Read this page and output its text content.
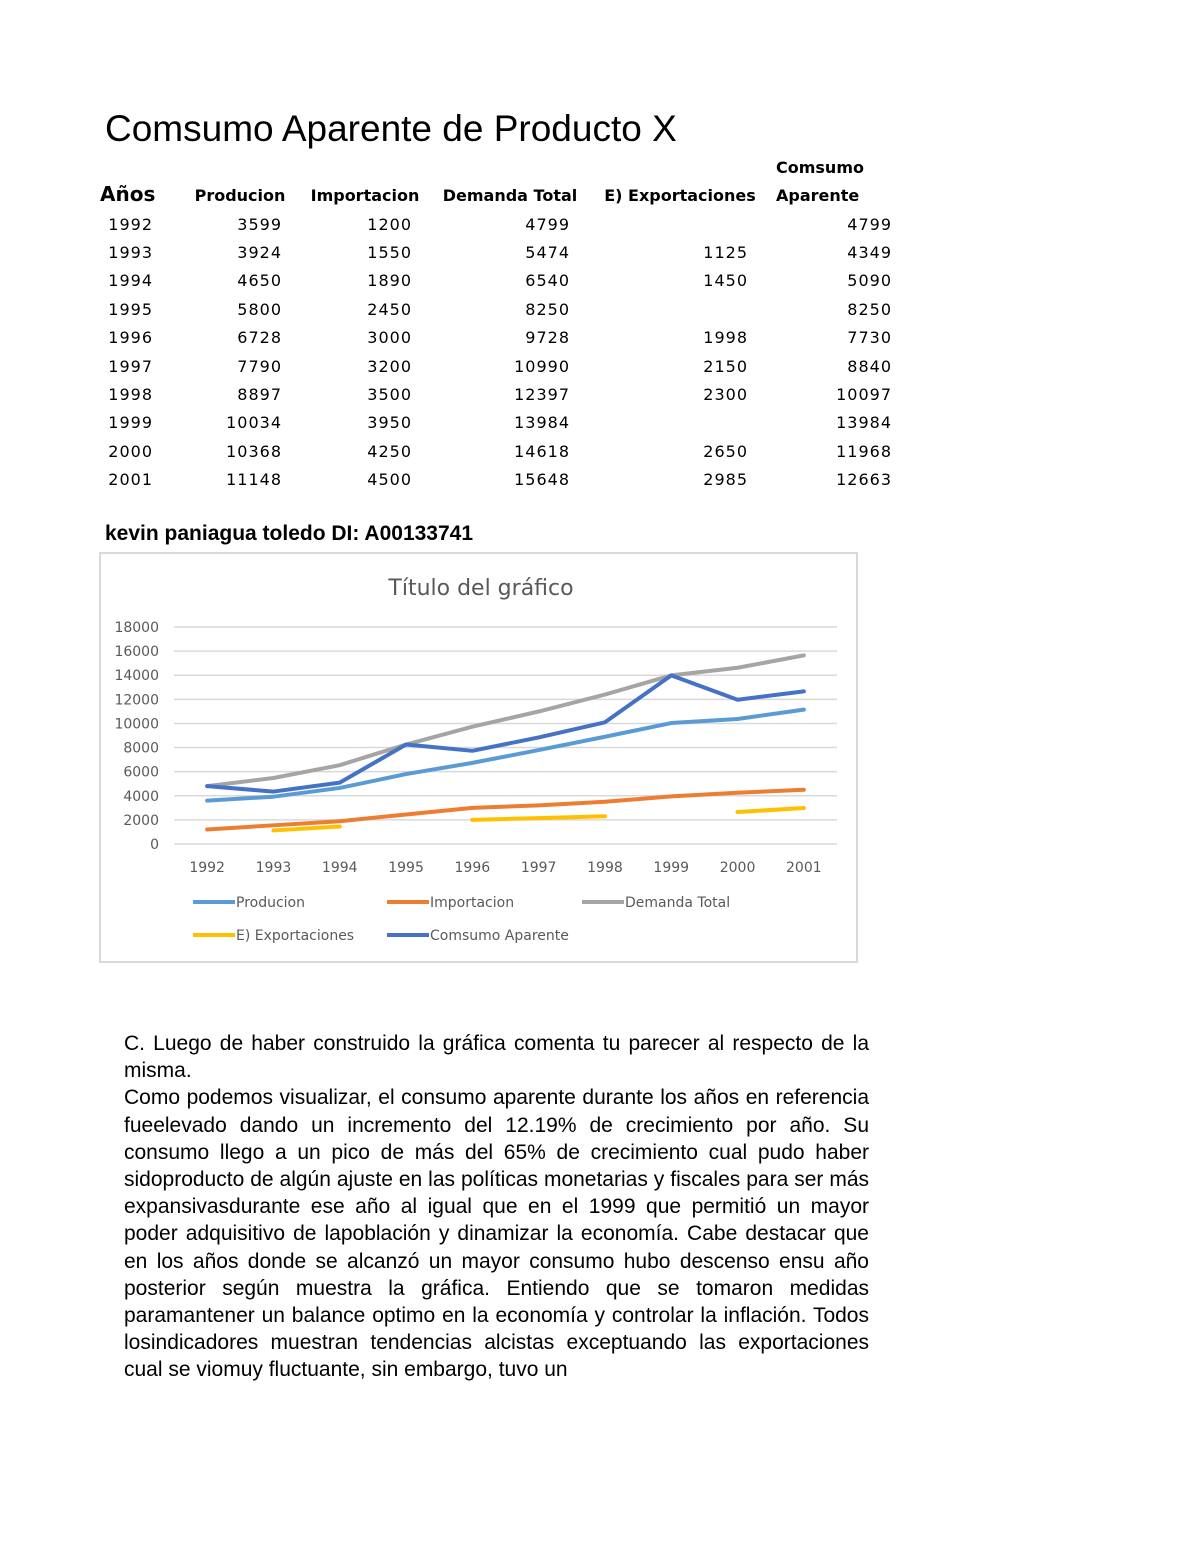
Comsumo Aparente de Producto X
Años	Producion	Importacion	Demanda Total	E) Exportaciones	Comsumo
Aparente

1992	3599	1200	4799		4799
1993	3924	1550	5474	1125	4349
1994	4650	1890	6540	1450	5090
1995	5800	2450	8250		8250
1996	6728	3000	9728	1998	7730
1997	7790	3200	10990	2150	8840
1998	8897	3500	12397	2300	10097
1999	10034	3950	13984		13984
2000	10368	4250	14618	2650	11968
2001	11148	4500	15648	2985	12663
kevin paniagua toledo DI: A00133741
Título del gráfico
0
2000
4000
6000
8000
10000
12000
14000
16000
18000
1992 1993 1994 1995 1996 1997 1998 1999 2000 2001
Producion	Importacion	Demanda Total
E) Exportaciones	Comsumo Aparente

C. Luego de haber construido la gráfica comenta tu parecer al respecto de la misma.

Como podemos visualizar, el consumo aparente durante los años en referencia fueelevado dando un incremento del 12.19% de crecimiento por año. Su consumo llego a un pico de más del 65% de crecimiento cual pudo haber sidoproducto de algún ajuste en las políticas monetarias y fiscales para ser más expansivasdurante ese año al igual que en el 1999 que permitió un mayor poder adquisitivo de lapoblación y dinamizar la economía. Cabe destacar que en los años donde se alcanzó un mayor consumo hubo descenso ensu año posterior según muestra la gráfica. Entiendo que se tomaron medidas paramantener un balance optimo en la economía y controlar la inflación. Todos losindicadores muestran tendencias alcistas exceptuando las exportaciones cual se viomuy fluctuante, sin embargo, tuvo un
